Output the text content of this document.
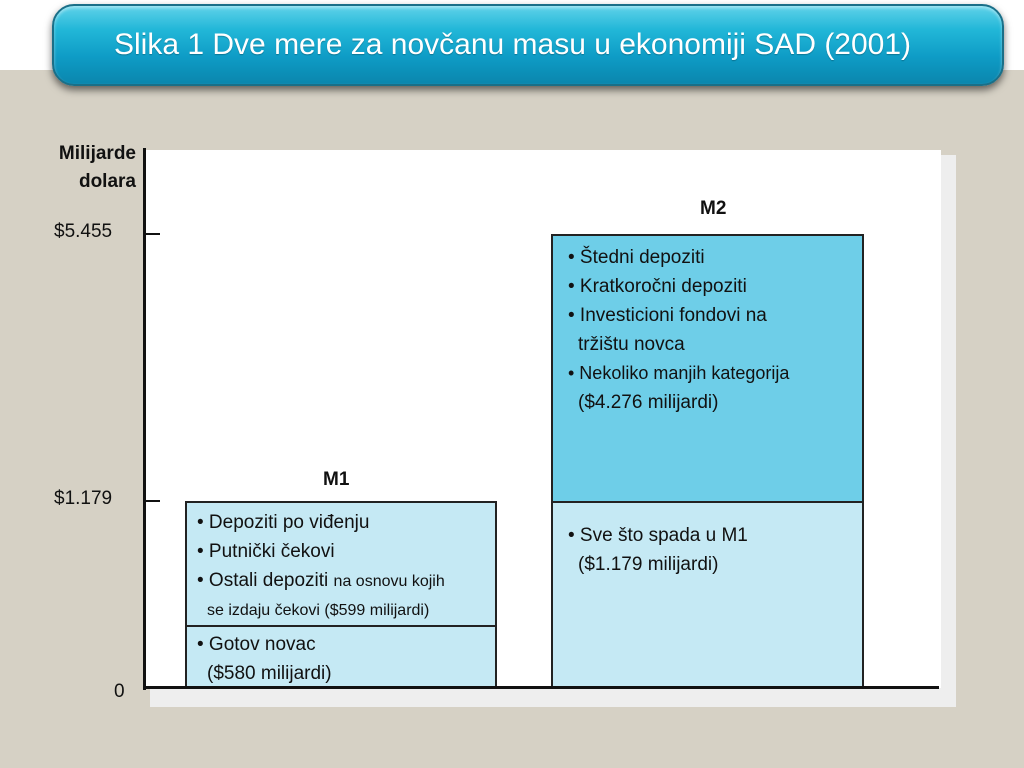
Slika 1 Dve mere za novčanu masu u ekonomiji SAD (2001)
Milijarde
dolara
M1
M2
• Depoziti po viđenju
• Putnički čekovi
• Ostali depoziti na osnovu kojih
se izdaju čekovi ($599 milijardi)
• Gotov novac
($580 milijardi)
• Sve što spada u M1
($1.179 milijardi)
• Štedni depoziti
• Kratkoročni depoziti
• Investicioni fondovi na
tržištu novca
• Nekoliko manjih kategorija
($4.276 milijardi)
$5.455
$1.179
0
